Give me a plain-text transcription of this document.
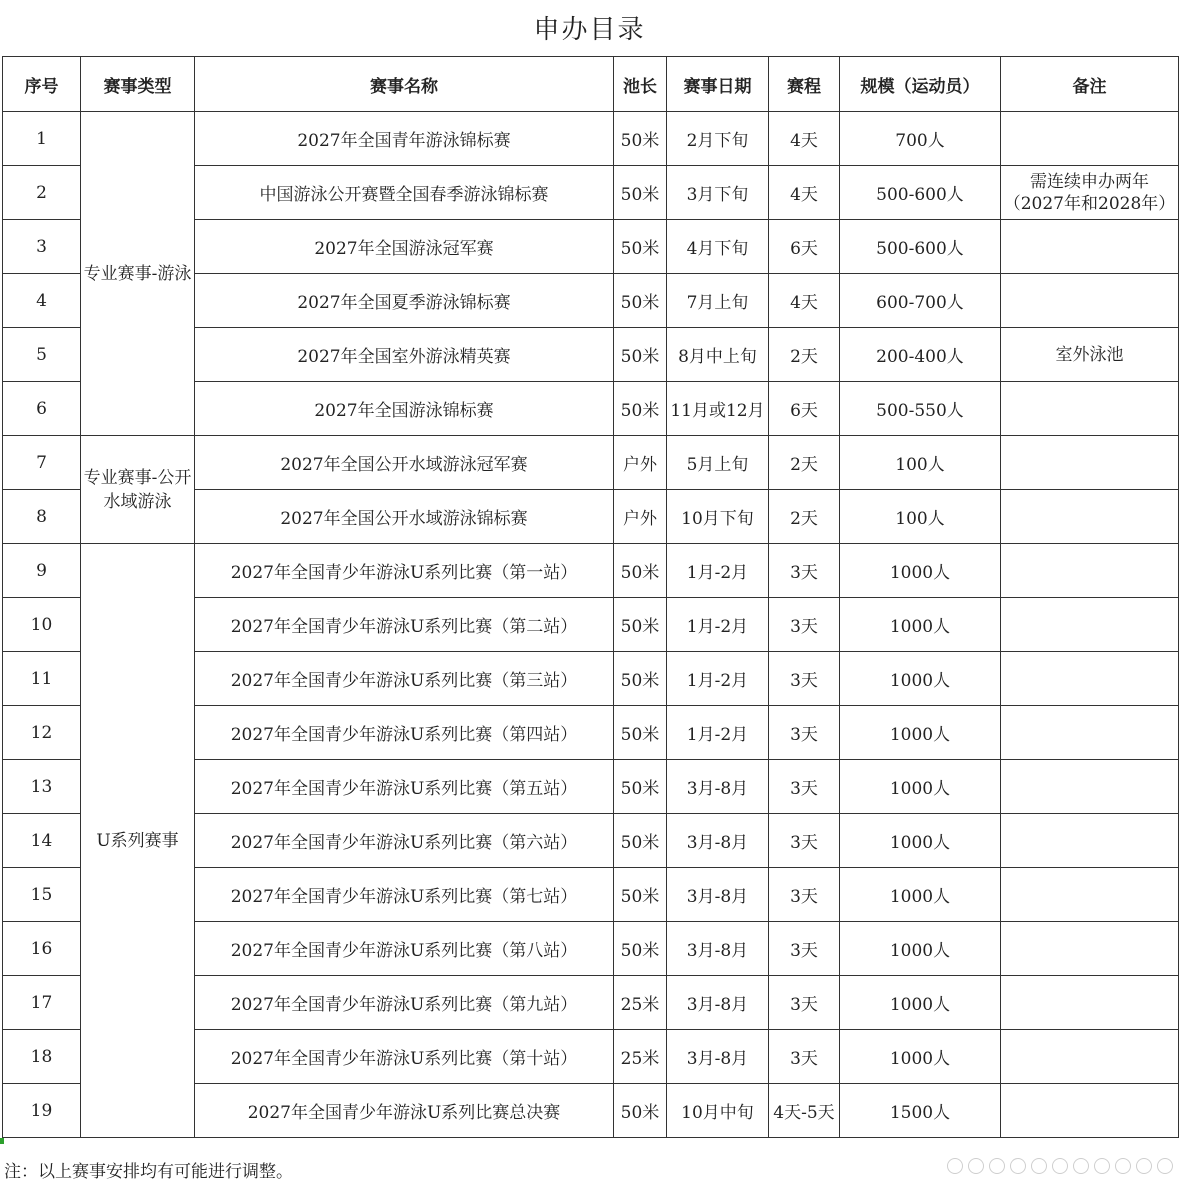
申办目录
序号	赛事类型	赛事名称	池长	赛事日期	赛程	规模（运动员）	备注
1	专业赛事-游泳	2027年全国青年游泳锦标赛	50米	2月下旬	4天	700人	
2		中国游泳公开赛暨全国春季游泳锦标赛	50米	3月下旬	4天	500-600人	需连续申办两年（2027年和2028年）
3		2027年全国游泳冠军赛	50米	4月下旬	6天	500-600人	
4		2027年全国夏季游泳锦标赛	50米	7月上旬	4天	600-700人	
5		2027年全国室外游泳精英赛	50米	8月中上旬	2天	200-400人	室外泳池
6		2027年全国游泳锦标赛	50米	11月或12月	6天	500-550人	
7	专业赛事-公开水域游泳	2027年全国公开水域游泳冠军赛	户外	5月上旬	2天	100人	
8		2027年全国公开水域游泳锦标赛	户外	10月下旬	2天	100人	
9	U系列赛事	2027年全国青少年游泳U系列比赛（第一站）	50米	1月-2月	3天	1000人	
10		2027年全国青少年游泳U系列比赛（第二站）	50米	1月-2月	3天	1000人	
11		2027年全国青少年游泳U系列比赛（第三站）	50米	1月-2月	3天	1000人	
12		2027年全国青少年游泳U系列比赛（第四站）	50米	1月-2月	3天	1000人	
13		2027年全国青少年游泳U系列比赛（第五站）	50米	3月-8月	3天	1000人	
14		2027年全国青少年游泳U系列比赛（第六站）	50米	3月-8月	3天	1000人	
15		2027年全国青少年游泳U系列比赛（第七站）	50米	3月-8月	3天	1000人	
16		2027年全国青少年游泳U系列比赛（第八站）	50米	3月-8月	3天	1000人	
17		2027年全国青少年游泳U系列比赛（第九站）	25米	3月-8月	3天	1000人	
18		2027年全国青少年游泳U系列比赛（第十站）	25米	3月-8月	3天	1000人	
19		2027年全国青少年游泳U系列比赛总决赛	50米	10月中旬	4天-5天	1500人	
注：以上赛事安排均有可能进行调整。
